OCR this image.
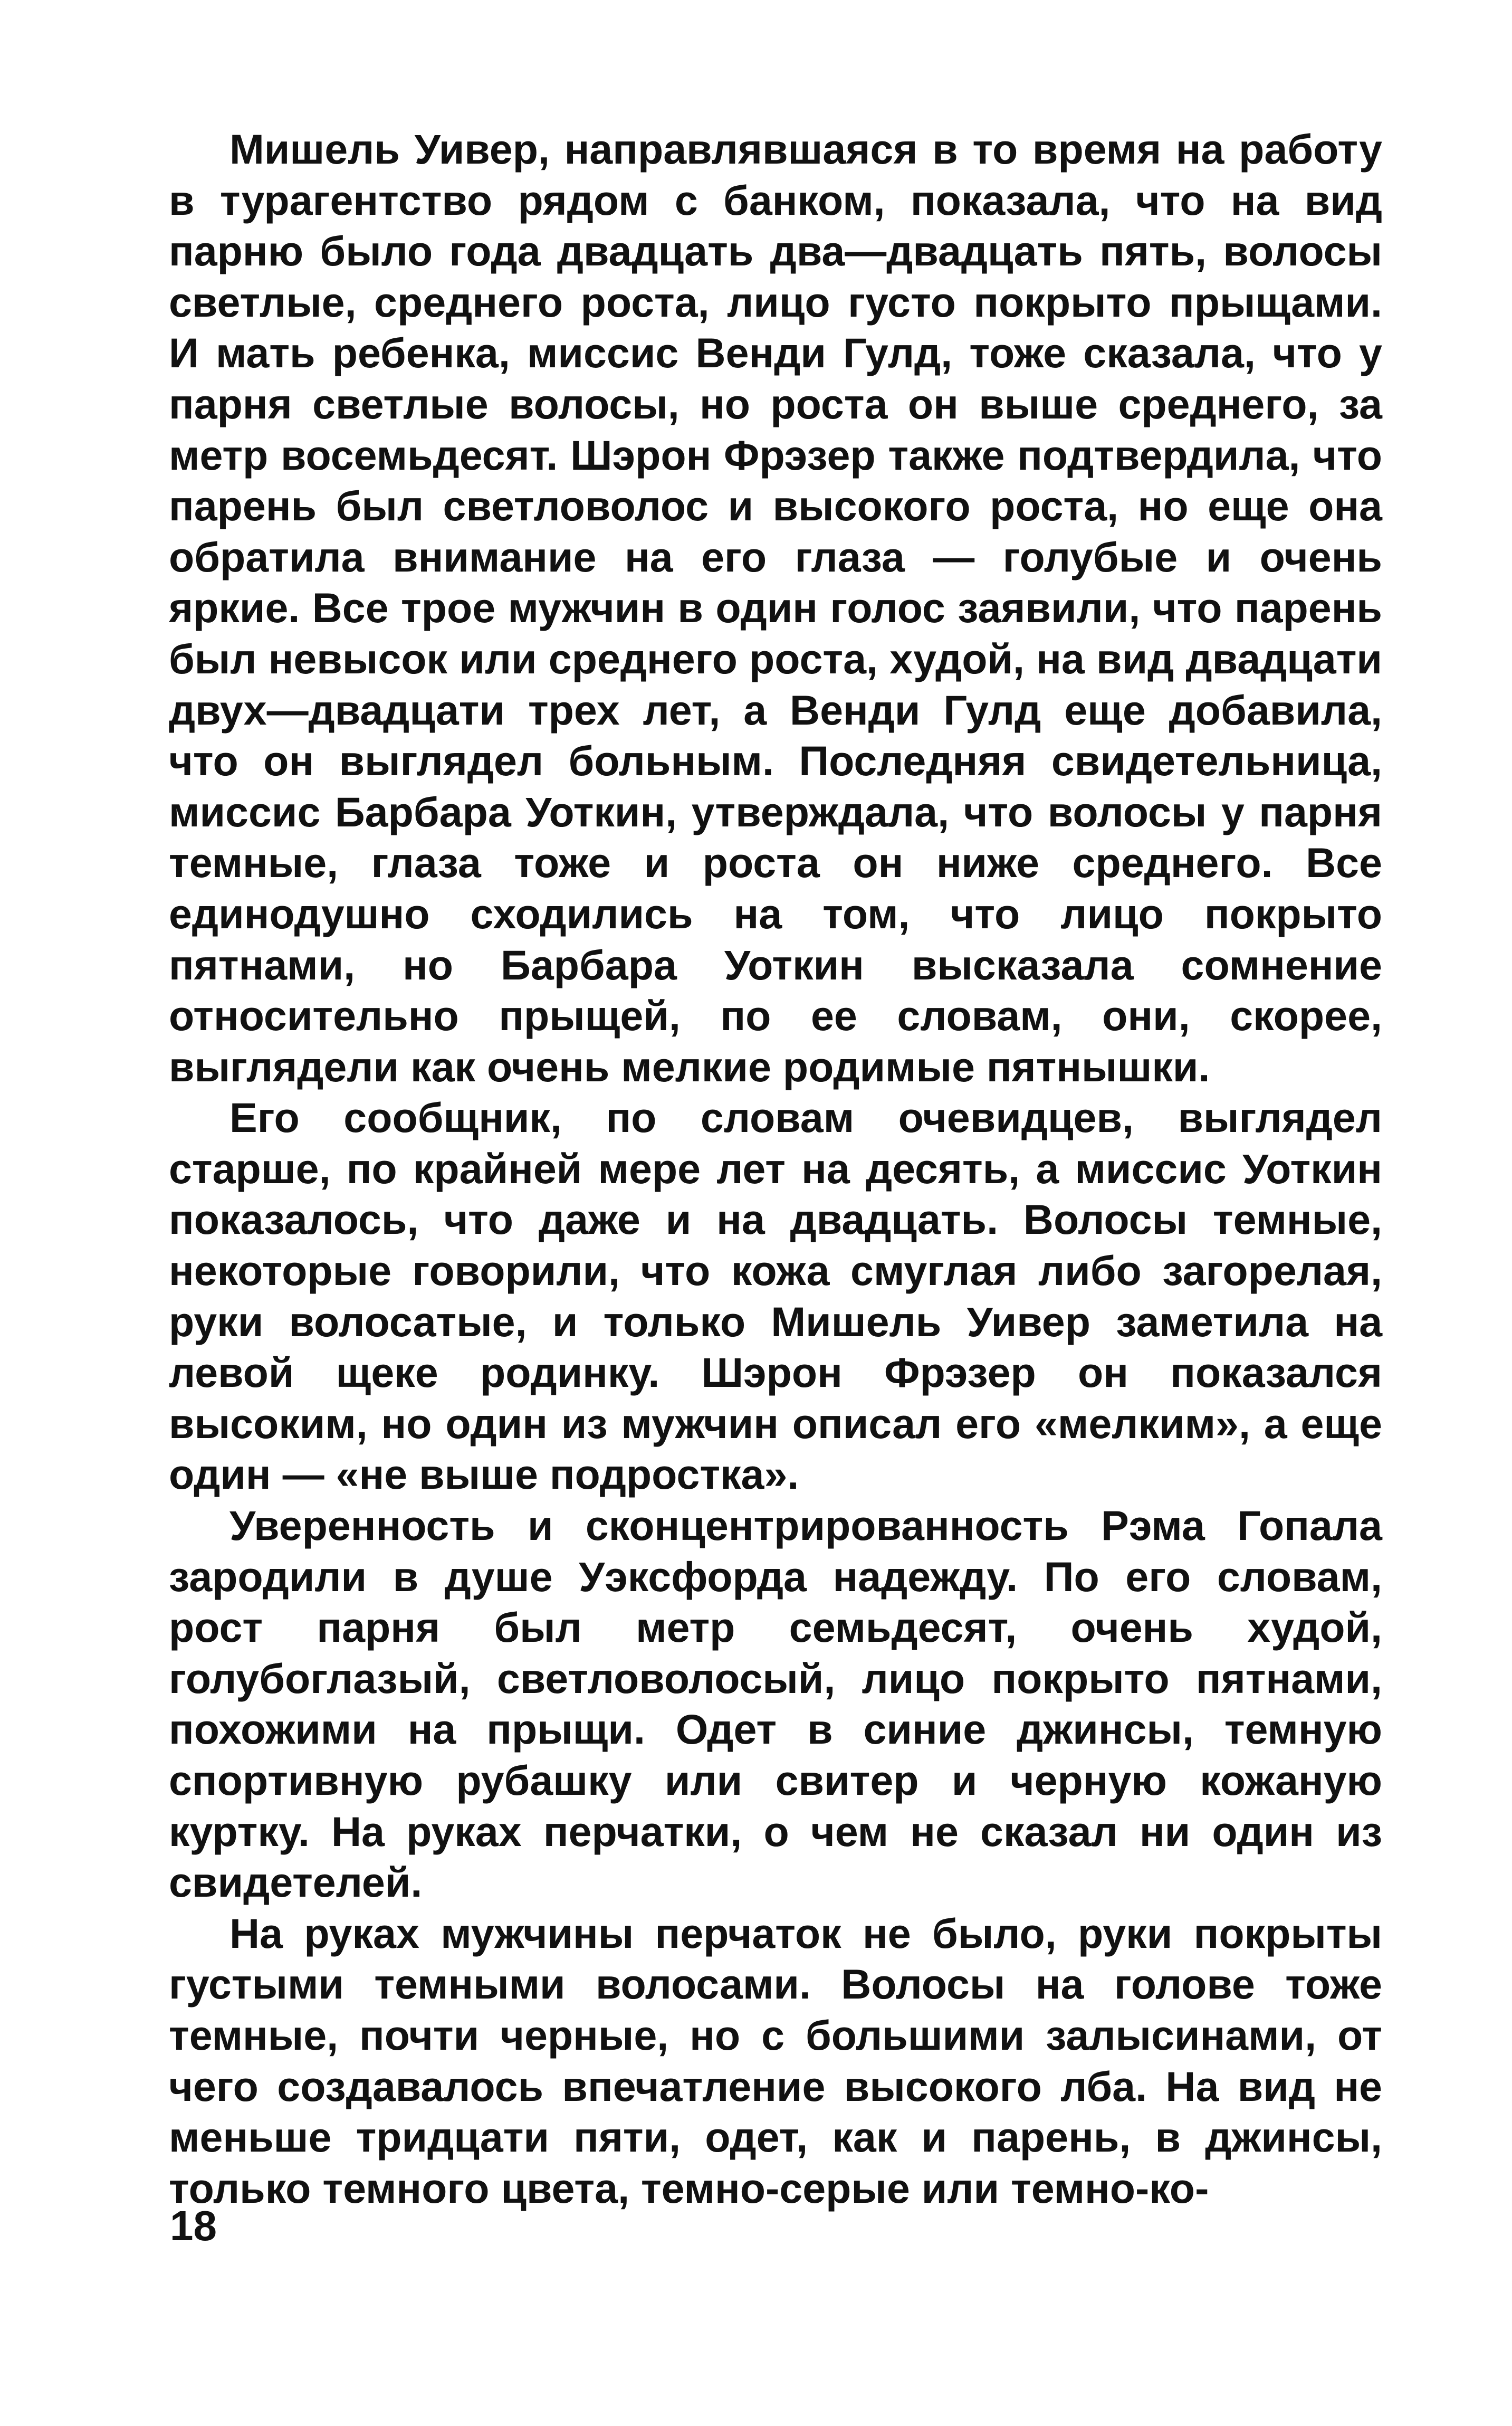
Мишель Уивер, направлявшаяся в то время на работу в турагентство рядом с банком, показала, что на вид парню было года двадцать два—двадцать пять, волосы светлые, среднего роста, лицо густо покрыто прыщами. И мать ребенка, миссис Венди Гулд, тоже сказала, что у парня светлые волосы, но роста он выше среднего, за метр восемьдесят. Шэрон Фрэзер также подтвердила, что парень был светловолос и высокого роста, но еще она обратила внимание на его глаза — голубые и очень яркие. Все трое мужчин в один голос заявили, что парень был невысок или среднего роста, худой, на вид двадцати двух—двадцати трех лет, а Венди Гулд еще добавила, что он выглядел больным. Последняя свидетельница, миссис Барбара Уоткин, утверждала, что волосы у парня темные, глаза тоже и роста он ниже среднего. Все единодушно сходились на том, что лицо покрыто пятнами, но Барбара Уоткин высказала сомнение относительно прыщей, по ее словам, они, скорее, выглядели как очень мелкие родимые пятнышки.

Его сообщник, по словам очевидцев, выглядел старше, по крайней мере лет на десять, а миссис Уоткин показалось, что даже и на двадцать. Волосы темные, некоторые говорили, что кожа смуглая либо загорелая, руки волосатые, и только Мишель Уивер заметила на левой щеке родинку. Шэрон Фрэзер он показался высоким, но один из мужчин описал его «мелким», а еще один — «не выше подростка».

Уверенность и сконцентрированность Рэма Гопала зародили в душе Уэксфорда надежду. По его словам, рост парня был метр семьдесят, очень худой, голубоглазый, светловолосый, лицо покрыто пятнами, похожими на прыщи. Одет в синие джинсы, темную спортивную рубашку или свитер и черную кожаную куртку. На руках перчатки, о чем не сказал ни один из свидетелей.

На руках мужчины перчаток не было, руки покрыты густыми темными волосами. Волосы на голове тоже темные, почти черные, но с большими залысинами, от чего создавалось впечатление высокого лба. На вид не меньше тридцати пяти, одет, как и парень, в джинсы, только темного цвета, темно-серые или темно-ко-

18
